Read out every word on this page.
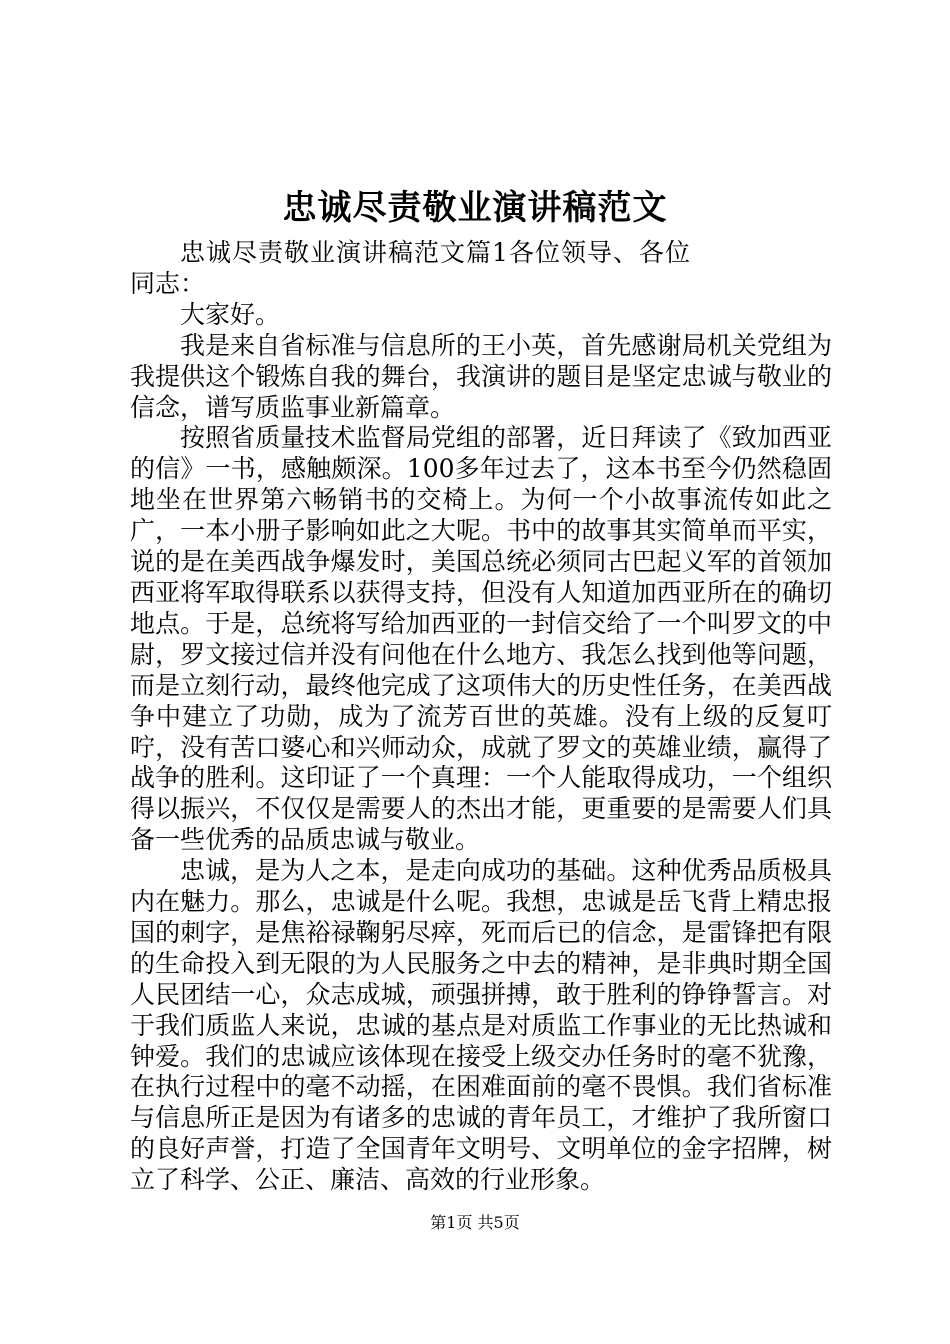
忠诚尽责敬业演讲稿范文

忠诚尽责敬业演讲稿范文篇1各位领导、各位同志：

大家好。

我是来自省标准与信息所的王小英，首先感谢局机关党组为我提供这个锻炼自我的舞台，我演讲的题目是坚定忠诚与敬业的信念，谱写质监事业新篇章。

按照省质量技术监督局党组的部署，近日拜读了《致加西亚的信》一书，感触颇深。100多年过去了，这本书至今仍然稳固地坐在世界第六畅销书的交椅上。为何一个小故事流传如此之广，一本小册子影响如此之大呢。书中的故事其实简单而平实，说的是在美西战争爆发时，美国总统必须同古巴起义军的首领加西亚将军取得联系以获得支持，但没有人知道加西亚所在的确切地点。于是，总统将写给加西亚的一封信交给了一个叫罗文的中尉，罗文接过信并没有问他在什么地方、我怎么找到他等问题，而是立刻行动，最终他完成了这项伟大的历史性任务，在美西战争中建立了功勋，成为了流芳百世的英雄。没有上级的反复叮咛，没有苦口婆心和兴师动众，成就了罗文的英雄业绩，赢得了战争的胜利。这印证了一个真理：一个人能取得成功，一个组织得以振兴，不仅仅是需要人的杰出才能，更重要的是需要人们具备一些优秀的品质忠诚与敬业。

忠诚，是为人之本，是走向成功的基础。这种优秀品质极具内在魅力。那么，忠诚是什么呢。我想，忠诚是岳飞背上精忠报国的刺字，是焦裕禄鞠躬尽瘁，死而后已的信念，是雷锋把有限的生命投入到无限的为人民服务之中去的精神，是非典时期全国人民团结一心，众志成城，顽强拼搏，敢于胜利的铮铮誓言。对于我们质监人来说，忠诚的基点是对质监工作事业的无比热诚和钟爱。我们的忠诚应该体现在接受上级交办任务时的毫不犹豫，在执行过程中的毫不动摇，在困难面前的毫不畏惧。我们省标准与信息所正是因为有诸多的忠诚的青年员工，才维护了我所窗口的良好声誉，打造了全国青年文明号、文明单位的金字招牌，树立了科学、公正、廉洁、高效的行业形象。

第1页 共5页
